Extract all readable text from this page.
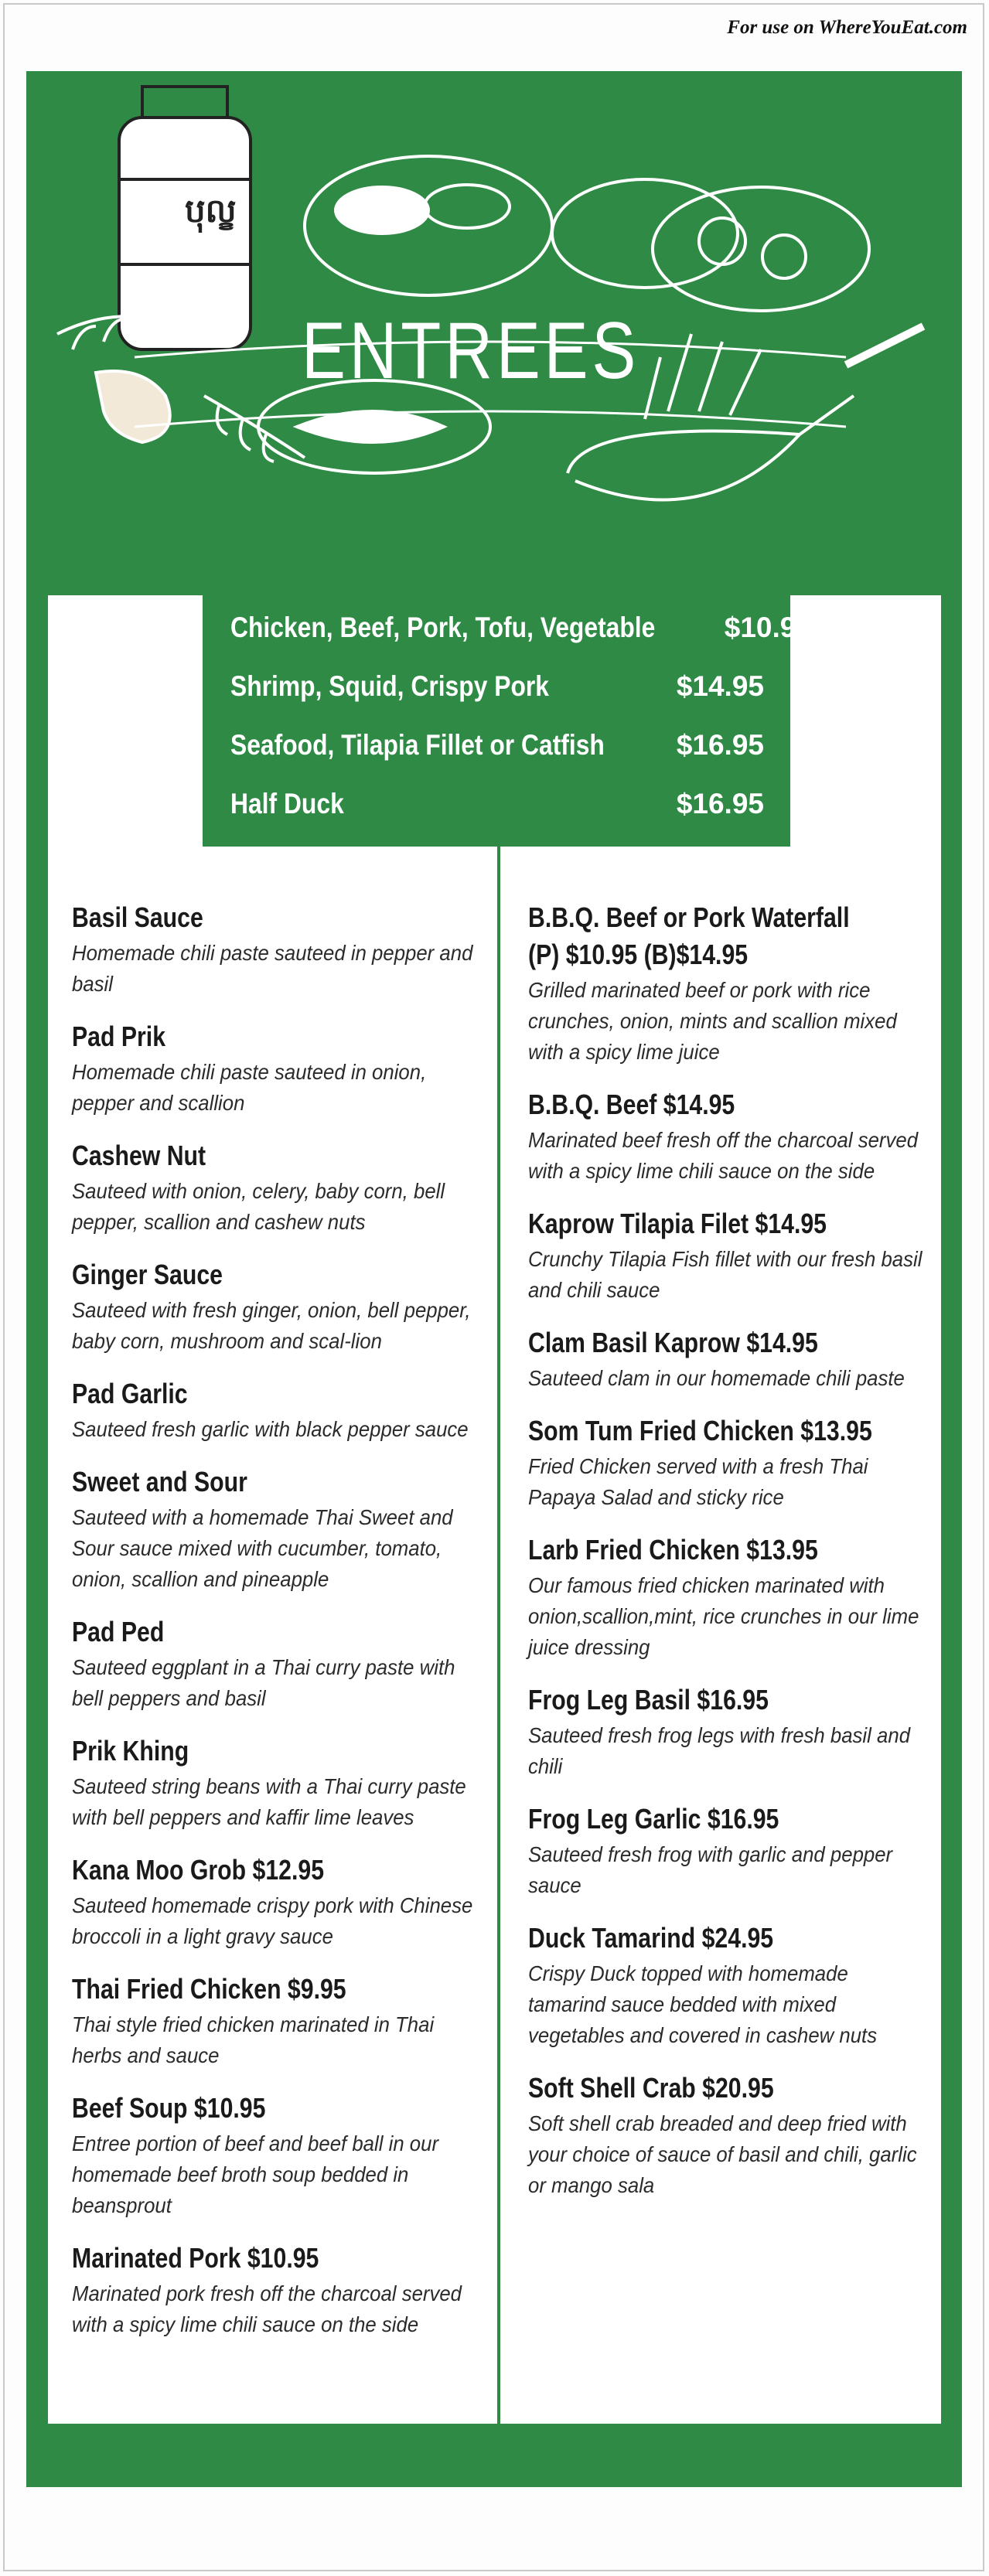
For use on WhereYouEat.com
បុល្ខ
ENTREES
Chicken, Beef, Pork, Tofu, Vegetable $10.95
Shrimp, Squid, Crispy Pork	$14.95
Seafood, Tilapia Fillet or Catfish	$16.95
Half Duck	$16.95
Basil Sauce

Homemade chili paste sauteed in pepper and basil

Pad Prik

Homemade chili paste sauteed in onion, pepper and scallion

Cashew Nut

Sauteed with onion, celery, baby corn, bell pepper, scallion and cashew nuts

Ginger Sauce

Sauteed with fresh ginger, onion, bell pepper, baby corn, mushroom and scal-lion

Pad Garlic

Sauteed fresh garlic with black pepper sauce

Sweet and Sour

Sauteed with a homemade Thai Sweet and Sour sauce mixed with cucumber, tomato, onion, scallion and pineapple

Pad Ped

Sauteed eggplant in a Thai curry paste with bell peppers and basil

Prik Khing

Sauteed string beans with a Thai curry paste with bell peppers and kaffir lime leaves

Kana Moo Grob $12.95

Sauteed homemade crispy pork with Chinese broccoli in a light gravy sauce

Thai Fried Chicken $9.95

Thai style fried chicken marinated in Thai herbs and sauce

Beef Soup $10.95

Entree portion of beef and beef ball in our homemade beef broth soup bedded in beansprout

Marinated Pork $10.95

Marinated pork fresh off the charcoal served with a spicy lime chili sauce on the side

B.B.Q. Beef or Pork Waterfall
(P) $10.95 (B)$14.95

Grilled marinated beef or pork with rice crunches, onion, mints and scallion mixed with a spicy lime juice

B.B.Q. Beef $14.95

Marinated beef fresh off the charcoal served with a spicy lime chili sauce on the side

Kaprow Tilapia Filet $14.95

Crunchy Tilapia Fish fillet with our fresh basil and chili sauce

Clam Basil Kaprow $14.95

Sauteed clam in our homemade chili paste

Som Tum Fried Chicken $13.95

Fried Chicken served with a fresh Thai Papaya Salad and sticky rice

Larb Fried Chicken $13.95

Our famous fried chicken marinated with onion,scallion,mint, rice crunches in our lime juice dressing

Frog Leg Basil $16.95

Sauteed fresh frog legs with fresh basil and chili

Frog Leg Garlic $16.95

Sauteed fresh frog with garlic and pepper sauce

Duck Tamarind $24.95

Crispy Duck topped with homemade tamarind sauce bedded with mixed vegetables and covered in cashew nuts

Soft Shell Crab $20.95

Soft shell crab breaded and deep fried with your choice of sauce of basil and chili, garlic or mango sala
